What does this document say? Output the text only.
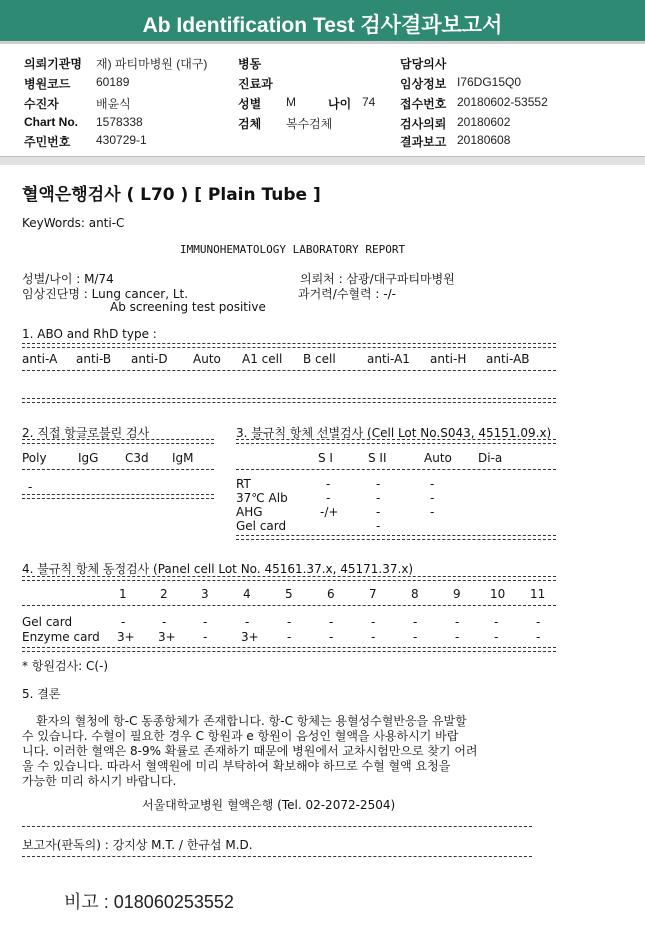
Ab Identification Test 검사결과보고서
의뢰기관명 재) 파티마병원 (대구)
병원코드 60189
수진자	배윤식
Chart No. 1578338
주민번호 430729-1
병동
진료과
성별 M	나이 74
검체 복수검체
담당의사
임상정보 I76DG15Q0
접수번호 20180602-53552
검사의뢰 20180602
결과보고 20180608
혈액은행검사 ( L70 ) [ Plain Tube ]
KeyWords: anti-C
IMMUNOHEMATOLOGY LABORATORY REPORT
성별/나이 : M/74	의뢰처 : 삼광/대구파티마병원
임상진단명 : Lung cancer, Lt.	과거력/수혈력 : -/-
Ab screening test positive
1. ABO and RhD type :
anti-A anti-B anti-D Auto A1 cell B cell	anti-A1 anti-H anti-AB
2. 직접 항글로불린 검사
Poly	IgG C3d IgM
-
3. 불규칙 항체 선별검사 (Cell Lot No.S043, 45151.09.x)
S I	S II	Auto Di-a
RT	-	-	-
37℃ Alb	-	-	-
AHG	-/+	-	-
Gel card	-
4. 불규칙 항체 동정검사 (Panel cell Lot No. 45161.37.x, 45171.37.x)
1	2	3	4	5	6	7	8	9 10 11
Gel card	-	-	-	-	-	-	-	-	-	-	-
Enzyme card 3+ 3+ -	3+ -	-	-	-	-	-	-
* 항원검사: C(-)
5. 결론
환자의 혈청에 항-C 동종항체가 존재합니다. 항-C 항체는 용혈성수혈반응을 유발할
수 있습니다. 수혈이 필요한 경우 C 항원과 e 항원이 음성인 혈액을 사용하시기 바랍
니다. 이러한 혈액은 8-9% 확률로 존재하기 때문에 병원에서 교차시험만으로 찾기 어려
울 수 있습니다. 따라서 혈액원에 미리 부탁하여 확보해야 하므로 수혈 혈액 요청을
가능한 미리 하시기 바랍니다.
서울대학교병원 혈액은행 (Tel. 02-2072-2504)
보고자(판독의) : 강지상 M.T. / 한규섭 M.D.
비고 : 018060253552
